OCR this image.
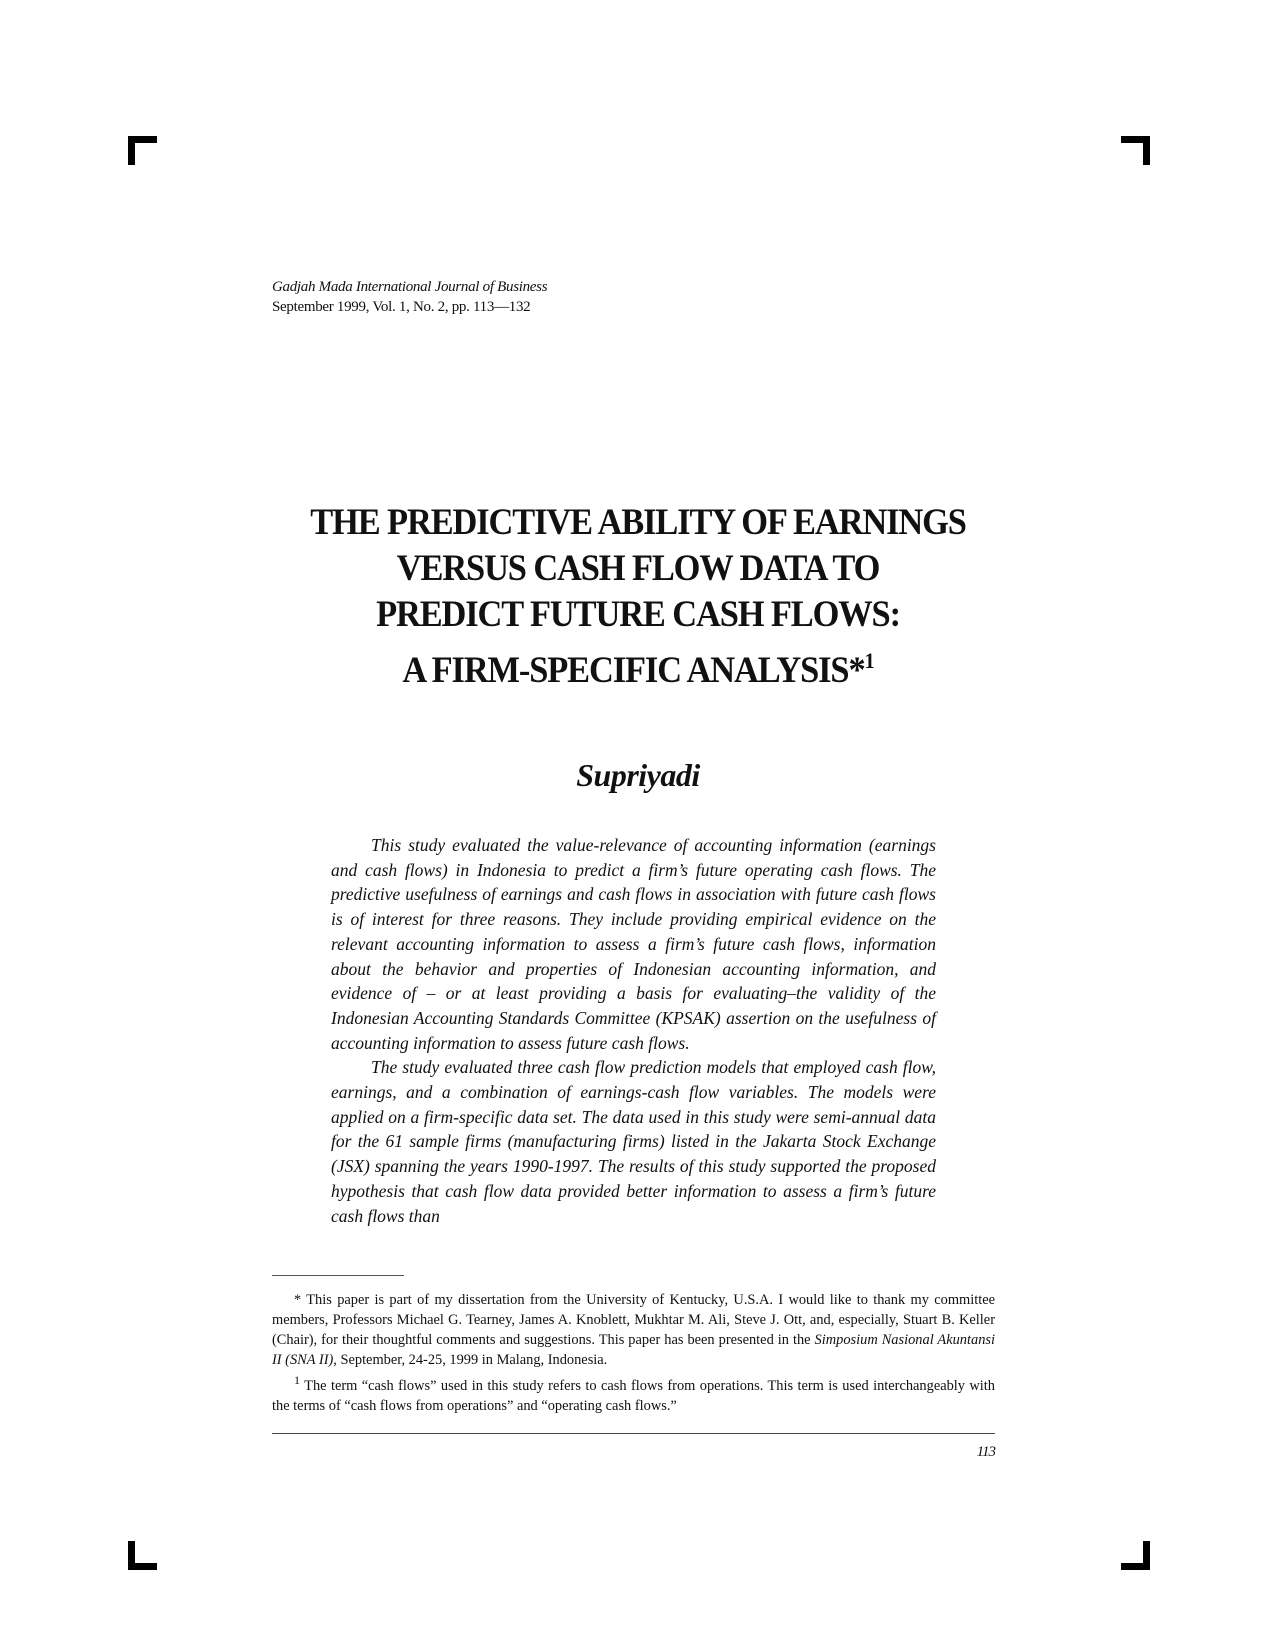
Gadjah Mada International Journal of Business
September 1999, Vol. 1, No. 2, pp. 113—132
THE PREDICTIVE ABILITY OF EARNINGS
VERSUS CASH FLOW DATA TO
PREDICT FUTURE CASH FLOWS:
A FIRM-SPECIFIC ANALYSIS*$^1$
Supriyadi

This study evaluated the value-relevance of accounting information (earnings and cash flows) in Indonesia to predict a firm’s future operating cash flows. The predictive usefulness of earnings and cash flows in association with future cash flows is of interest for three reasons. They include providing empirical evidence on the relevant accounting information to assess a firm’s future cash flows, information about the behavior and properties of Indonesian accounting information, and evidence of – or at least providing a basis for evaluating–the validity of the Indonesian Accounting Standards Committee (KPSAK) assertion on the usefulness of accounting information to assess future cash flows.

The study evaluated three cash flow prediction models that employed cash flow, earnings, and a combination of earnings-cash flow variables. The models were applied on a firm-specific data set. The data used in this study were semi-annual data for the 61 sample firms (manufacturing firms) listed in the Jakarta Stock Exchange (JSX) spanning the years 1990-1997. The results of this study supported the proposed hypothesis that cash flow data provided better information to assess a firm’s future cash flows than

* This paper is part of my dissertation from the University of Kentucky, U.S.A. I would like to thank my committee members, Professors Michael G. Tearney, James A. Knoblett, Mukhtar M. Ali, Steve J. Ott, and, especially, Stuart B. Keller (Chair), for their thoughtful comments and suggestions. This paper has been presented in the Simposium Nasional Akuntansi II (SNA II), September, 24-25, 1999 in Malang, Indonesia.

$^1$ The term “cash flows” used in this study refers to cash flows from operations. This term is used interchangeably with the terms of “cash flows from operations” and “operating cash flows.”

113
